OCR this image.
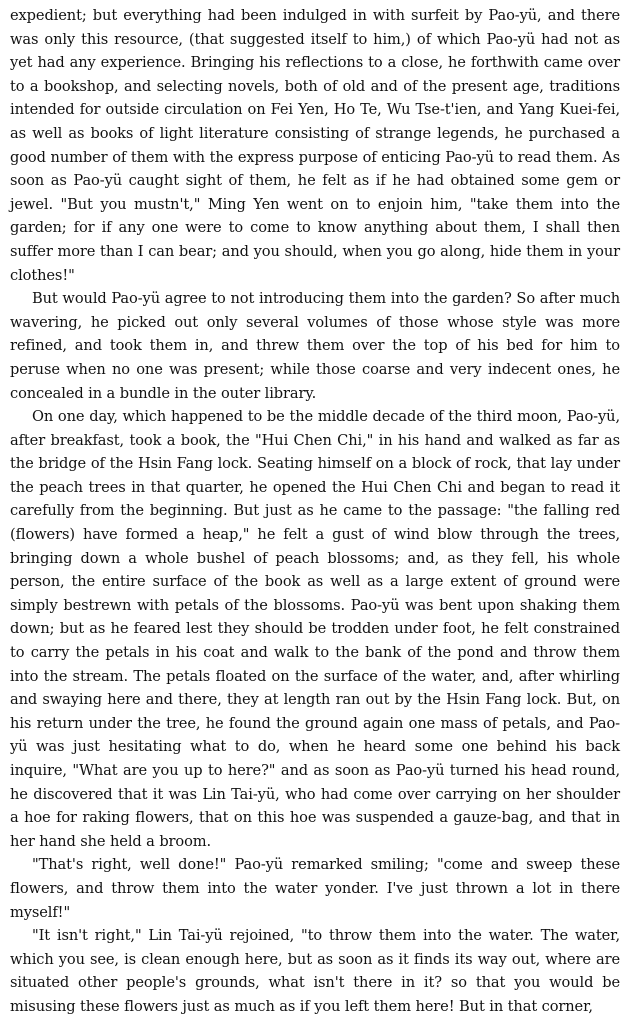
expedient; but everything had been indulged in with surfeit by Pao-yü, and there was only this resource, (that suggested itself to him,) of which Pao-yü had not as yet had any experience. Bringing his reflections to a close, he forthwith came over to a bookshop, and selecting novels, both of old and of the present age, traditions intended for outside circulation on Fei Yen, Ho Te, Wu Tse-t'ien, and Yang Kuei-fei, as well as books of light literature consisting of strange legends, he purchased a good number of them with the express purpose of enticing Pao-yü to read them. As soon as Pao-yü caught sight of them, he felt as if he had obtained some gem or jewel. "But you mustn't," Ming Yen went on to enjoin him, "take them into the garden; for if any one were to come to know anything about them, I shall then suffer more than I can bear; and you should, when you go along, hide them in your clothes!"

But would Pao-yü agree to not introducing them into the garden? So after much wavering, he picked out only several volumes of those whose style was more refined, and took them in, and threw them over the top of his bed for him to peruse when no one was present; while those coarse and very indecent ones, he concealed in a bundle in the outer library.

On one day, which happened to be the middle decade of the third moon, Pao-yü, after breakfast, took a book, the "Hui Chen Chi," in his hand and walked as far as the bridge of the Hsin Fang lock. Seating himself on a block of rock, that lay under the peach trees in that quarter, he opened the Hui Chen Chi and began to read it carefully from the beginning. But just as he came to the passage: "the falling red (flowers) have formed a heap," he felt a gust of wind blow through the trees, bringing down a whole bushel of peach blossoms; and, as they fell, his whole person, the entire surface of the book as well as a large extent of ground were simply bestrewn with petals of the blossoms. Pao-yü was bent upon shaking them down; but as he feared lest they should be trodden under foot, he felt constrained to carry the petals in his coat and walk to the bank of the pond and throw them into the stream. The petals floated on the surface of the water, and, after whirling and swaying here and there, they at length ran out by the Hsin Fang lock. But, on his return under the tree, he found the ground again one mass of petals, and Pao-yü was just hesitating what to do, when he heard some one behind his back inquire, "What are you up to here?" and as soon as Pao-yü turned his head round, he discovered that it was Lin Tai-yü, who had come over carrying on her shoulder a hoe for raking flowers, that on this hoe was suspended a gauze-bag, and that in her hand she held a broom.

"That's right, well done!" Pao-yü remarked smiling; "come and sweep these flowers, and throw them into the water yonder. I've just thrown a lot in there myself!"

"It isn't right," Lin Tai-yü rejoined, "to throw them into the water. The water, which you see, is clean enough here, but as soon as it finds its way out, where are situated other people's grounds, what isn't there in it? so that you would be misusing these flowers just as much as if you left them here! But in that corner,
